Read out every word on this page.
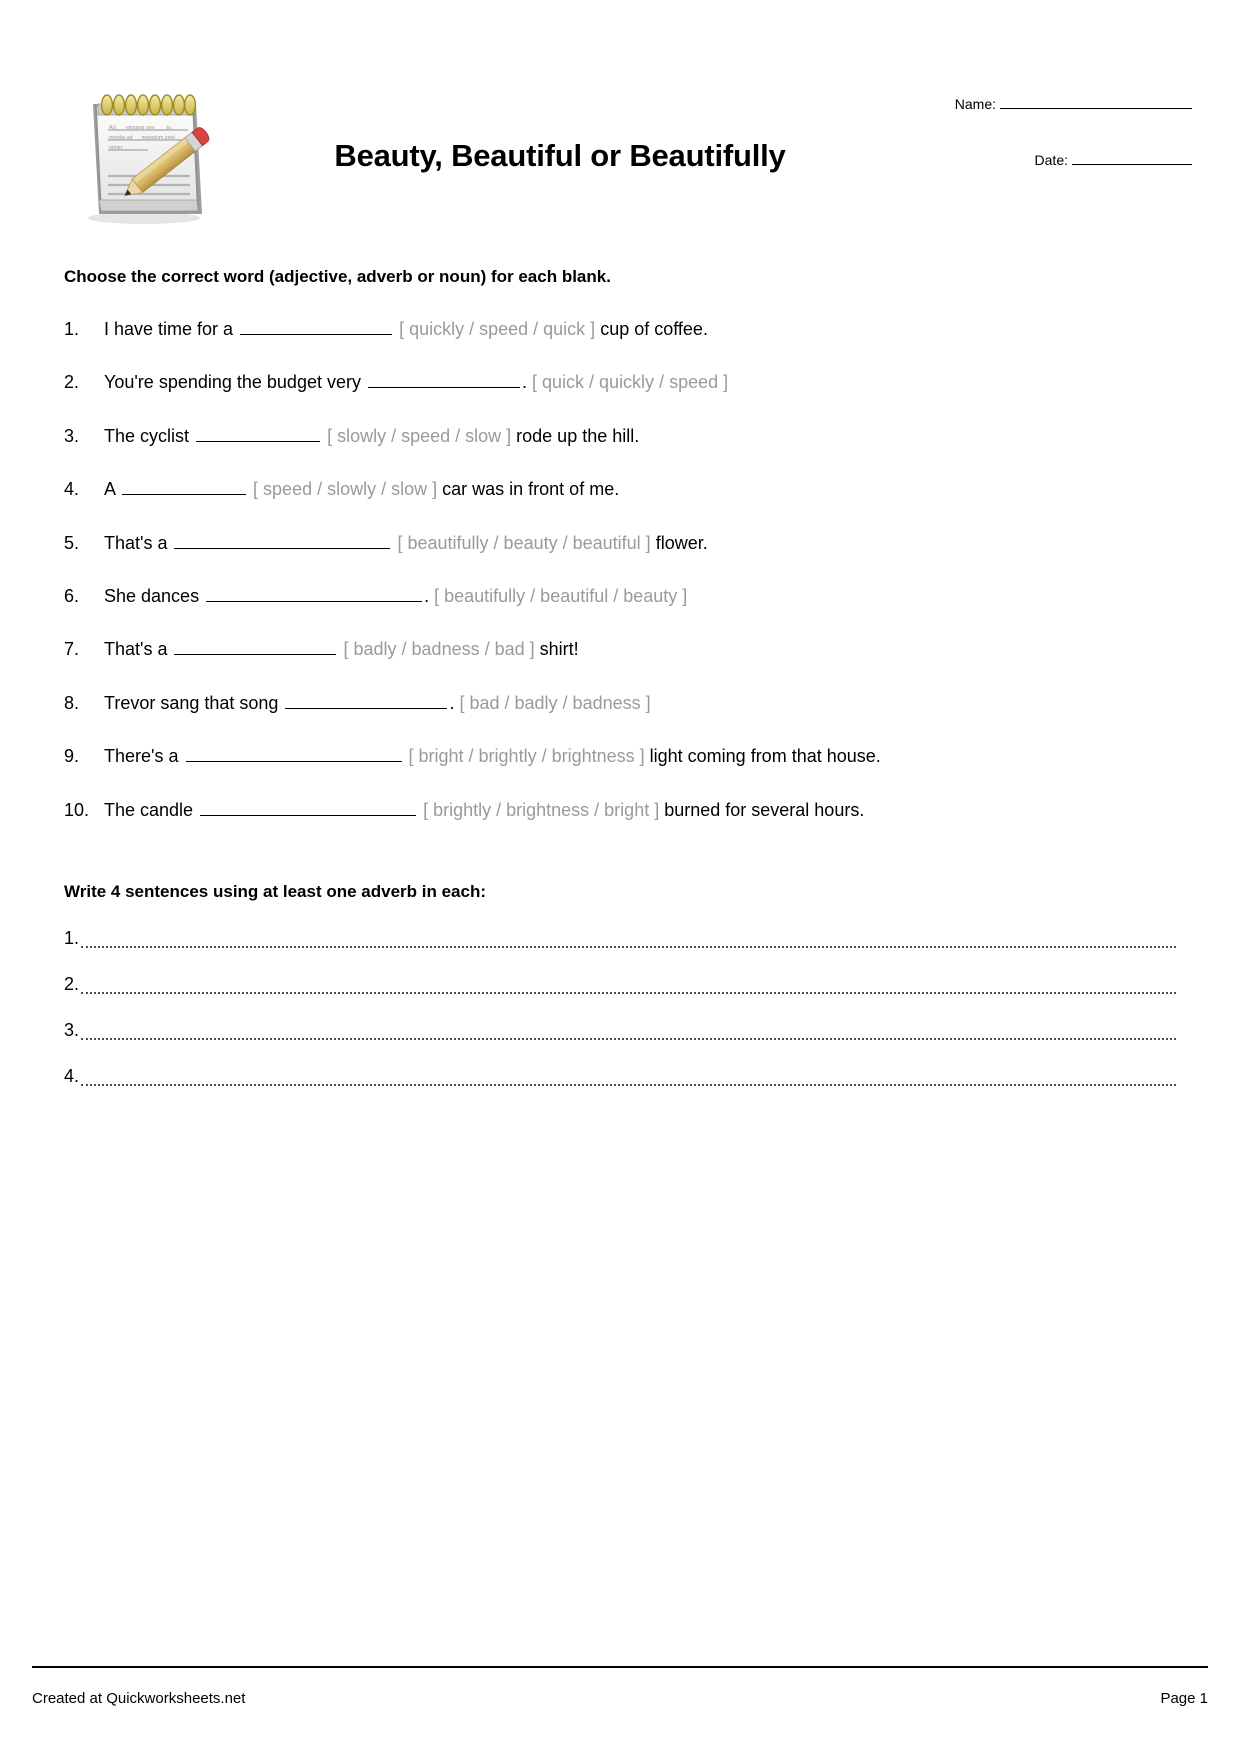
Ad___ wimane ses ___ tu_
monka ad __ messtum zest
nimer ______.	Beauty, Beautiful or Beautifully
Name:
Date:

Choose the correct word (adjective, adverb or noun) for each blank.

1.	I have time for a	[ quickly / speed / quick ] cup of coffee.
2.	You're spending the budget very	. [ quick / quickly / speed ]
3.	The cyclist	[ slowly / speed / slow ] rode up the hill.
4.	A	[ speed / slowly / slow ] car was in front of me.
5.	That's a	[ beautifully / beauty / beautiful ] flower.
6.	She dances	. [ beautifully / beautiful / beauty ]
7.	That's a	[ badly / badness / bad ] shirt!
8.	Trevor sang that song	. [ bad / badly / badness ]
9.	There's a	[ bright / brightly / brightness ] light coming from that house.
10. The candle	[ brightly / brightness / bright ] burned for several hours.

Write 4 sentences using at least one adverb in each:

1.
2.
3.
4.
Created at Quickworksheets.net	Page 1
